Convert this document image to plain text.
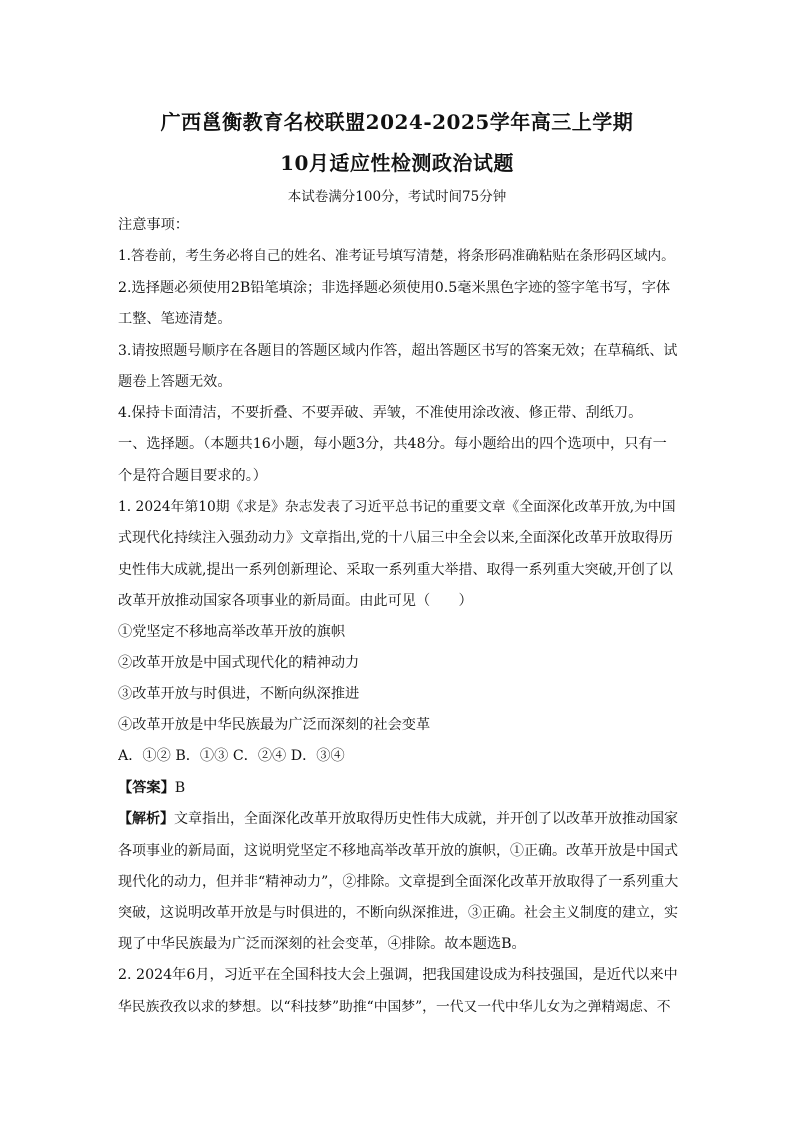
广西邕衡教育名校联盟2024-2025学年高三上学期
10月适应性检测政治试题
本试卷满分100分，考试时间75分钟
注意事项：
1.答卷前，考生务必将自己的姓名、准考证号填写清楚，将条形码准确粘贴在条形码区域内。
2.选择题必须使用2B铅笔填涂；非选择题必须使用0.5毫米黑色字迹的签字笔书写，字体
工整、笔迹清楚。
3.请按照题号顺序在各题目的答题区域内作答，超出答题区书写的答案无效；在草稿纸、试
题卷上答题无效。
4.保持卡面清洁，不要折叠、不要弄破、弄皱，不准使用涂改液、修正带、刮纸刀。
一、选择题。（本题共16小题，每小题3分，共48分。每小题给出的四个选项中，只有一
个是符合题目要求的。）
1. 2024年第10期《求是》杂志发表了习近平总书记的重要文章《全面深化改革开放,为中国
式现代化持续注入强劲动力》文章指出,党的十八届三中全会以来,全面深化改革开放取得历
史性伟大成就,提出一系列创新理论、采取一系列重大举措、取得一系列重大突破,开创了以
改革开放推动国家各项事业的新局面。由此可见（　　）
①党坚定不移地高举改革开放的旗帜
②改革开放是中国式现代化的精神动力
③改革开放与时俱进，不断向纵深推进
④改革开放是中华民族最为广泛而深刻的社会变革
A．①② B．①③ C．②④ D．③④
【答案】B
【解析】文章指出，全面深化改革开放取得历史性伟大成就，并开创了以改革开放推动国家
各项事业的新局面，这说明党坚定不移地高举改革开放的旗帜，①正确。改革开放是中国式
现代化的动力，但并非“精神动力”，②排除。文章提到全面深化改革开放取得了一系列重大
突破，这说明改革开放是与时俱进的，不断向纵深推进，③正确。社会主义制度的建立，实
现了中华民族最为广泛而深刻的社会变革，④排除。故本题选B。
2. 2024年6月，习近平在全国科技大会上强调，把我国建设成为科技强国，是近代以来中
华民族孜孜以求的梦想。以“科技梦”助推“中国梦”，一代又一代中华儿女为之弹精竭虑、不
